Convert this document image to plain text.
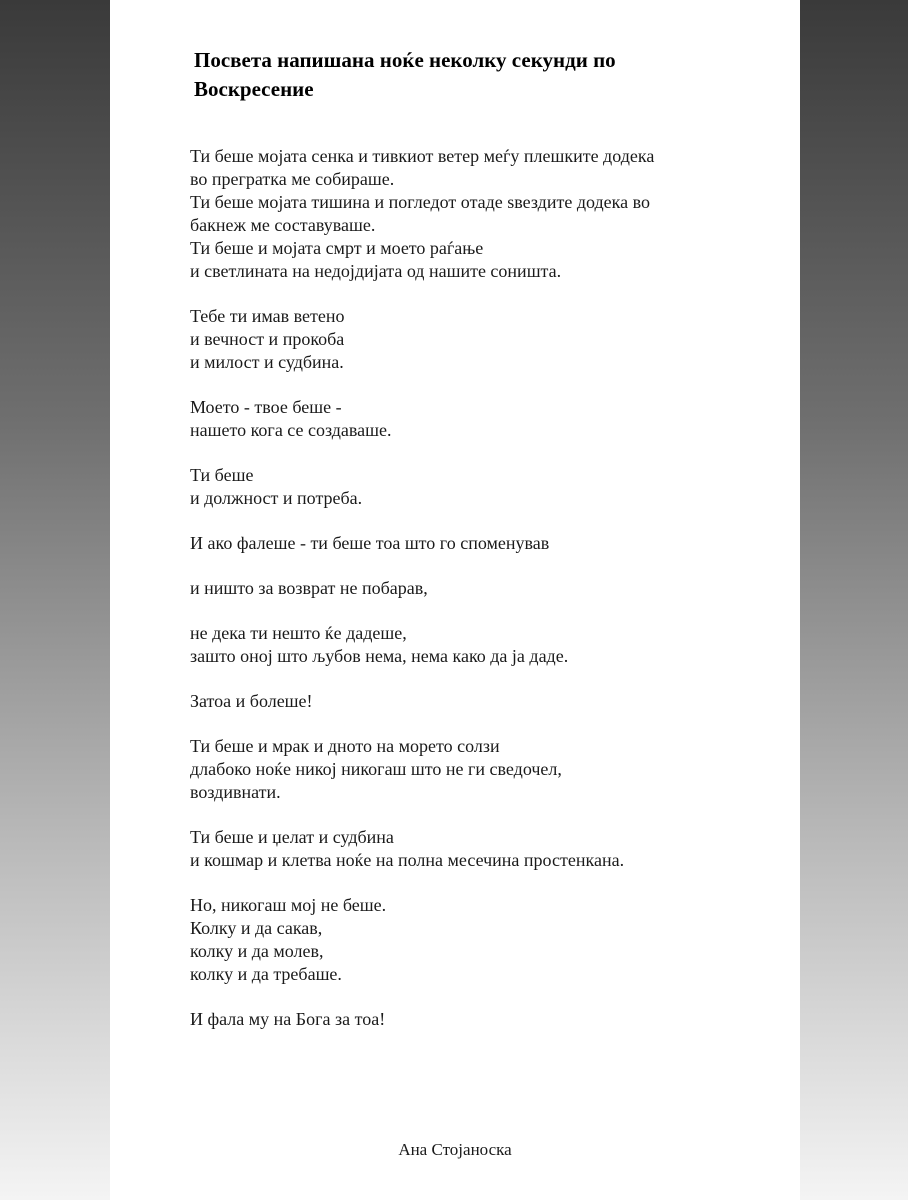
Посвета напишана ноќе неколку секунди по
Воскресение
Ти беше мојата сенка и тивкиот ветер меѓу плешките додека
во прегратка ме собираше.
Ти беше мојата тишина и погледот отаде ѕвездите додека во
бакнеж ме составуваше.
Ти беше и мојата смрт и моето раѓање
и светлината на недојдијата од нашите соништа.
Тебе ти имав ветено
и вечност и прокоба
и милост и судбина.
Моето - твое беше -
нашето кога се создаваше.
Ти беше
и должност и потреба.
И ако фалеше - ти беше тоа што го споменував
и ништо за возврат не побарав,
не дека ти нешто ќе дадеше,
зашто оној што љубов нема, нема како да ја даде.
Затоа и болеше!
Ти беше и мрак и дното на морето солзи
длабоко ноќе никој никогаш што не ги сведочел,
воздивнати.
Ти беше и џелат и судбина
и кошмар и клетва ноќе на полна месечина простенкана.
Но, никогаш мој не беше.
Колку и да сакав,
колку и да молев,
колку и да требаше.
И фала му на Бога за тоа!
Ана Стојаноска
